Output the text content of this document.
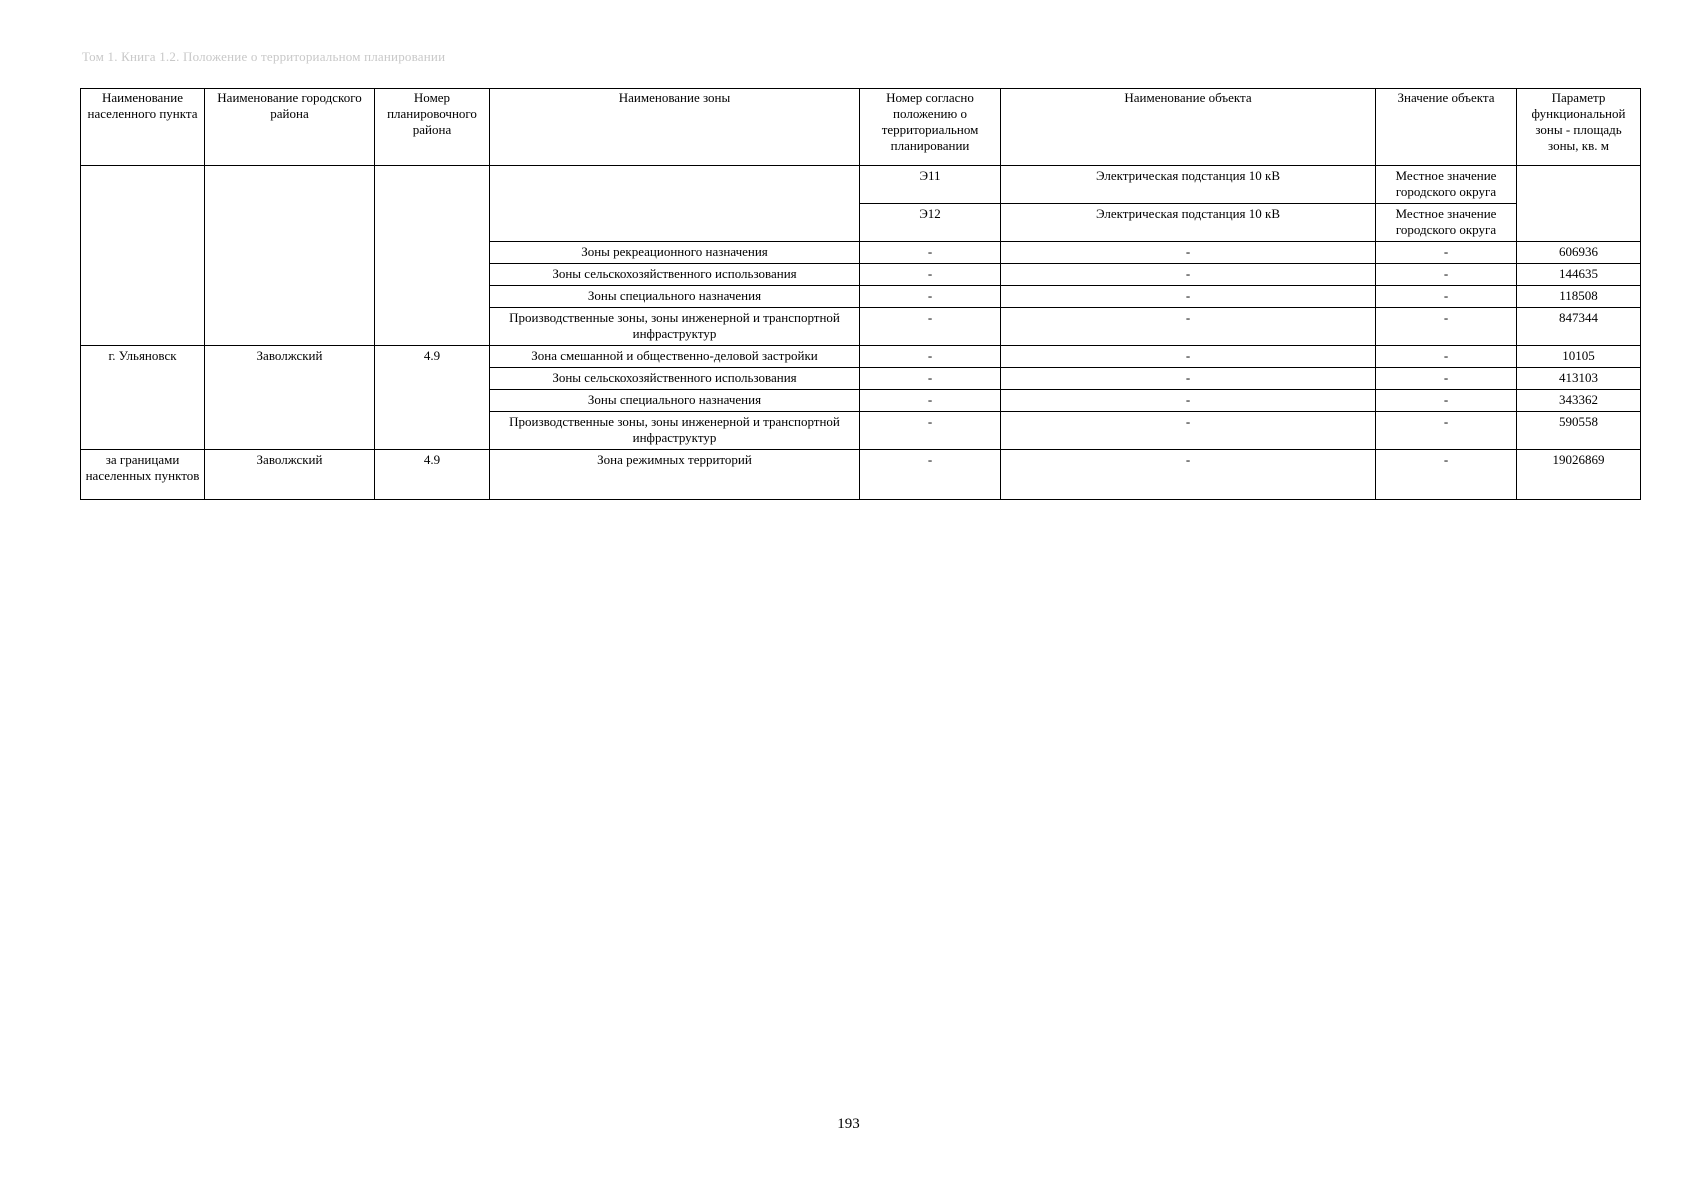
Том 1. Книга 1.2. Положение о территориальном планировании
Наименование населенного пункта	Наименование городского района	Номер планировочного района	Наименование зоны	Номер согласно положению о территориальном планировании	Наименование объекта	Значение объекта	Параметр функциональной зоны - площадь зоны, кв. м
				Э11	Электрическая подстанция 10 кВ	Местное значение городского округа	
				Э12	Электрическая подстанция 10 кВ	Местное значение городского округа	
			Зоны рекреационного назначения	-	-	-	606936
			Зоны сельскохозяйственного использования	-	-	-	144635
			Зоны специального назначения	-	-	-	118508
			Производственные зоны, зоны инженерной и транспортной инфраструктур	-	-	-	847344
г. Ульяновск	Заволжский	4.9	Зона смешанной и общественно-деловой застройки	-	-	-	10105
			Зоны сельскохозяйственного использования	-	-	-	413103
			Зоны специального назначения	-	-	-	343362
			Производственные зоны, зоны инженерной и транспортной инфраструктур	-	-	-	590558
за границами населенных пунктов	Заволжский	4.9	Зона режимных территорий	-	-	-	19026869
193
